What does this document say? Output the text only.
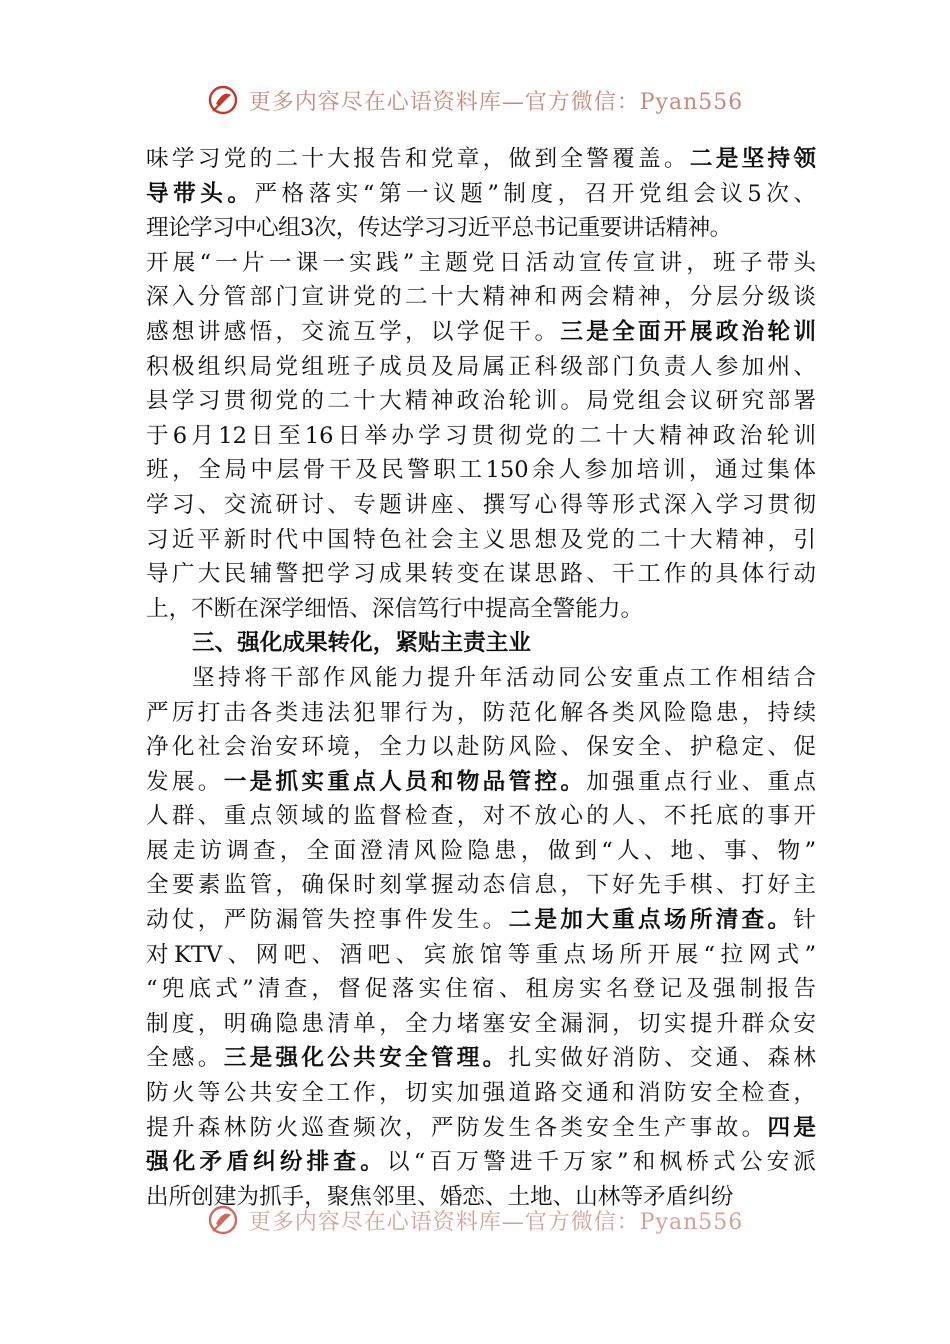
更多内容尽在心语资料库—官方微信：Pyan556
味学习党的二十大报告和党章，做到全警覆盖。二是坚持领
导带头。严格落实“第一议题”制度，召开党组会议5次、
理论学习中心组3次，传达学习习近平总书记重要讲话精神。
开展“一片一课一实践”主题党日活动宣传宣讲，班子带头
深入分管部门宣讲党的二十大精神和两会精神，分层分级谈
感想讲感悟，交流互学，以学促干。三是全面开展政治轮训
积极组织局党组班子成员及局属正科级部门负责人参加州、
县学习贯彻党的二十大精神政治轮训。局党组会议研究部署
于6月12日至16日举办学习贯彻党的二十大精神政治轮训
班，全局中层骨干及民警职工150余人参加培训，通过集体
学习、交流研讨、专题讲座、撰写心得等形式深入学习贯彻
习近平新时代中国特色社会主义思想及党的二十大精神，引
导广大民辅警把学习成果转变在谋思路、干工作的具体行动
上，不断在深学细悟、深信笃行中提高全警能力。
三、强化成果转化，紧贴主责主业
坚持将干部作风能力提升年活动同公安重点工作相结合
严厉打击各类违法犯罪行为，防范化解各类风险隐患，持续
净化社会治安环境，全力以赴防风险、保安全、护稳定、促
发展。一是抓实重点人员和物品管控。加强重点行业、重点
人群、重点领域的监督检查，对不放心的人、不托底的事开
展走访调查，全面澄清风险隐患，做到“人、地、事、物”
全要素监管，确保时刻掌握动态信息，下好先手棋、打好主
动仗，严防漏管失控事件发生。二是加大重点场所清查。针
对KTV、网吧、酒吧、宾旅馆等重点场所开展“拉网式”
“兜底式”清查，督促落实住宿、租房实名登记及强制报告
制度，明确隐患清单，全力堵塞安全漏洞，切实提升群众安
全感。三是强化公共安全管理。扎实做好消防、交通、森林
防火等公共安全工作，切实加强道路交通和消防安全检查，
提升森林防火巡查频次，严防发生各类安全生产事故。四是
强化矛盾纠纷排查。以“百万警进千万家”和枫桥式公安派
出所创建为抓手，聚焦邻里、婚恋、土地、山林等矛盾纠纷
更多内容尽在心语资料库—官方微信：Pyan556
